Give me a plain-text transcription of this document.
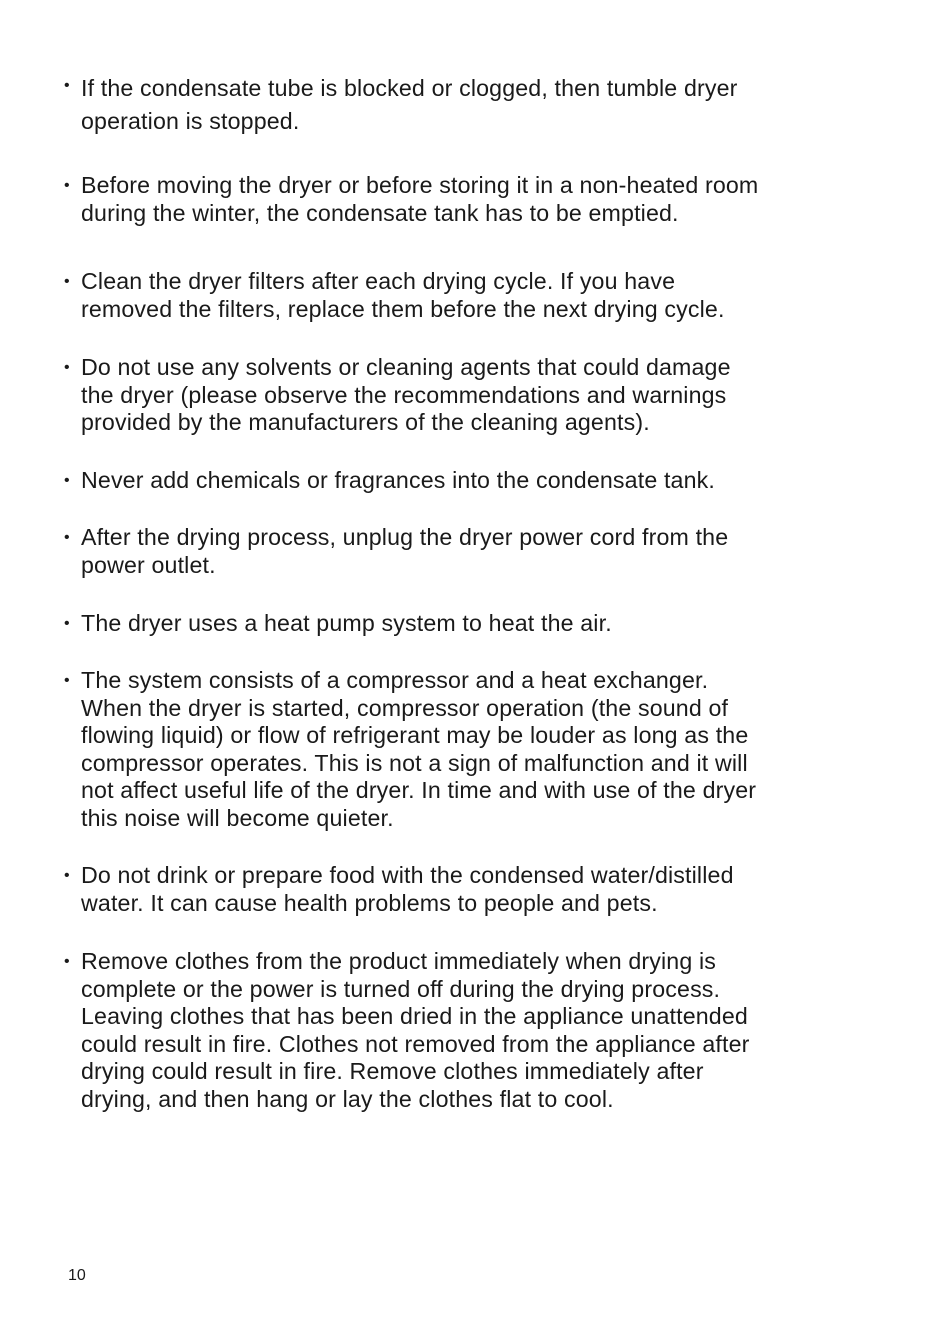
• If the condensate tube is blocked or clogged, then tumble dryer
operation is stopped.
• Before moving the dryer or before storing it in a non-heated room
during the winter, the condensate tank has to be emptied.
• Clean the dryer filters after each drying cycle. If you have
removed the filters, replace them before the next drying cycle.
• Do not use any solvents or cleaning agents that could damage
the dryer (please observe the recommendations and warnings
provided by the manufacturers of the cleaning agents).
• Never add chemicals or fragrances into the condensate tank.
• After the drying process, unplug the dryer power cord from the
power outlet.
• The dryer uses a heat pump system to heat the air.
• The system consists of a compressor and a heat exchanger.
When the dryer is started, compressor operation (the sound of
flowing liquid) or flow of refrigerant may be louder as long as the
compressor operates. This is not a sign of malfunction and it will
not affect useful life of the dryer. In time and with use of the dryer
this noise will become quieter.
• Do not drink or prepare food with the condensed water/distilled
water. It can cause health problems to people and pets.
• Remove clothes from the product immediately when drying is
complete or the power is turned off during the drying process.
Leaving clothes that has been dried in the appliance unattended
could result in fire. Clothes not removed from the appliance after
drying could result in fire. Remove clothes immediately after
drying, and then hang or lay the clothes flat to cool.
10
